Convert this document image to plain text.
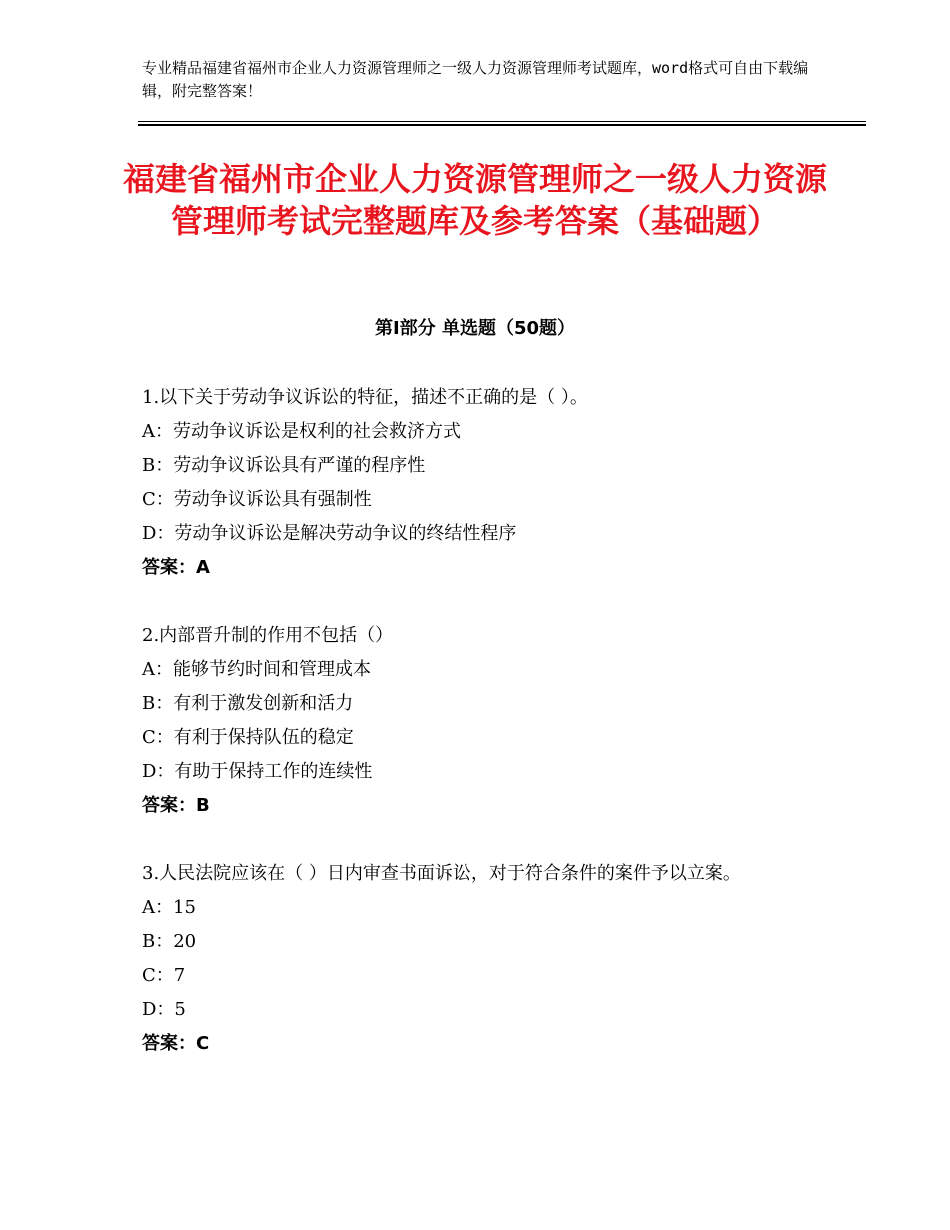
专业精品福建省福州市企业人力资源管理师之一级人力资源管理师考试题库，word格式可自由下载编辑，附完整答案！
福建省福州市企业人力资源管理师之一级人力资源管理师考试完整题库及参考答案（基础题）
第Ⅰ部分 单选题（50题）
1.以下关于劳动争议诉讼的特征，描述不正确的是（ ）。
A：劳动争议诉讼是权利的社会救济方式
B：劳动争议诉讼具有严谨的程序性
C：劳动争议诉讼具有强制性
D：劳动争议诉讼是解决劳动争议的终结性程序
答案：A
2.内部晋升制的作用不包括（）
A：能够节约时间和管理成本
B：有利于激发创新和活力
C：有利于保持队伍的稳定
D：有助于保持工作的连续性
答案：B
3.人民法院应该在（ ）日内审查书面诉讼，对于符合条件的案件予以立案。
A：15
B：20
C：7
D：5
答案：C
